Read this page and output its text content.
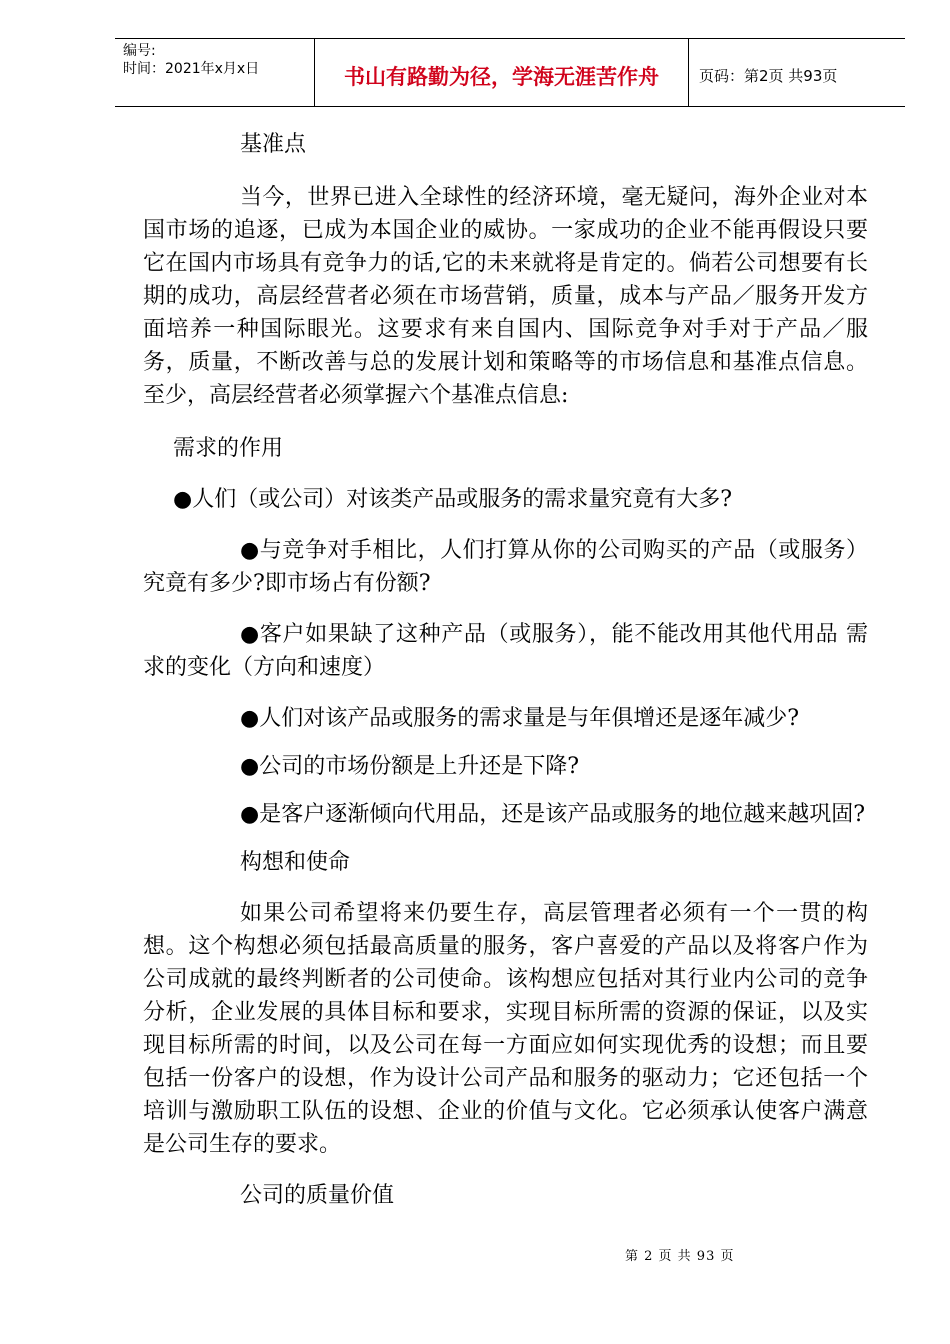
编号:
时间：2021年x月x日	书山有路勤为径，学海无涯苦作舟	页码：第2页 共93页

基准点

当今，世界已进入全球性的经济环境，毫无疑问，海外企业对本国市场的追逐，已成为本国企业的威协。一家成功的企业不能再假设只要它在国内市场具有竞争力的话,它的未来就将是肯定的。倘若公司想要有长期的成功，高层经营者必须在市场营销，质量，成本与产品／服务开发方面培养一种国际眼光。这要求有来自国内、国际竞争对手对于产品／服务，质量，不断改善与总的发展计划和策略等的市场信息和基准点信息。至少，高层经营者必须掌握六个基准点信息:

需求的作用

●人们（或公司）对该类产品或服务的需求量究竟有大多?

●与竞争对手相比，人们打算从你的公司购买的产品（或服务）究竟有多少?即市场占有份额?

●客户如果缺了这种产品（或服务），能不能改用其他代用品 需求的变化（方向和速度）

●人们对该产品或服务的需求量是与年俱增还是逐年减少?

●公司的市场份额是上升还是下降?

●是客户逐渐倾向代用品，还是该产品或服务的地位越来越巩固?

构想和使命

如果公司希望将来仍要生存，高层管理者必须有一个一贯的构想。这个构想必须包括最高质量的服务，客户喜爱的产品以及将客户作为公司成就的最终判断者的公司使命。该构想应包括对其行业内公司的竞争分析，企业发展的具体目标和要求，实现目标所需的资源的保证，以及实现目标所需的时间，以及公司在每一方面应如何实现优秀的设想；而且要包括一份客户的设想，作为设计公司产品和服务的驱动力；它还包括一个培训与激励职工队伍的设想、企业的价值与文化。它必须承认使客户满意是公司生存的要求。

公司的质量价值

第 2 页 共 93 页
